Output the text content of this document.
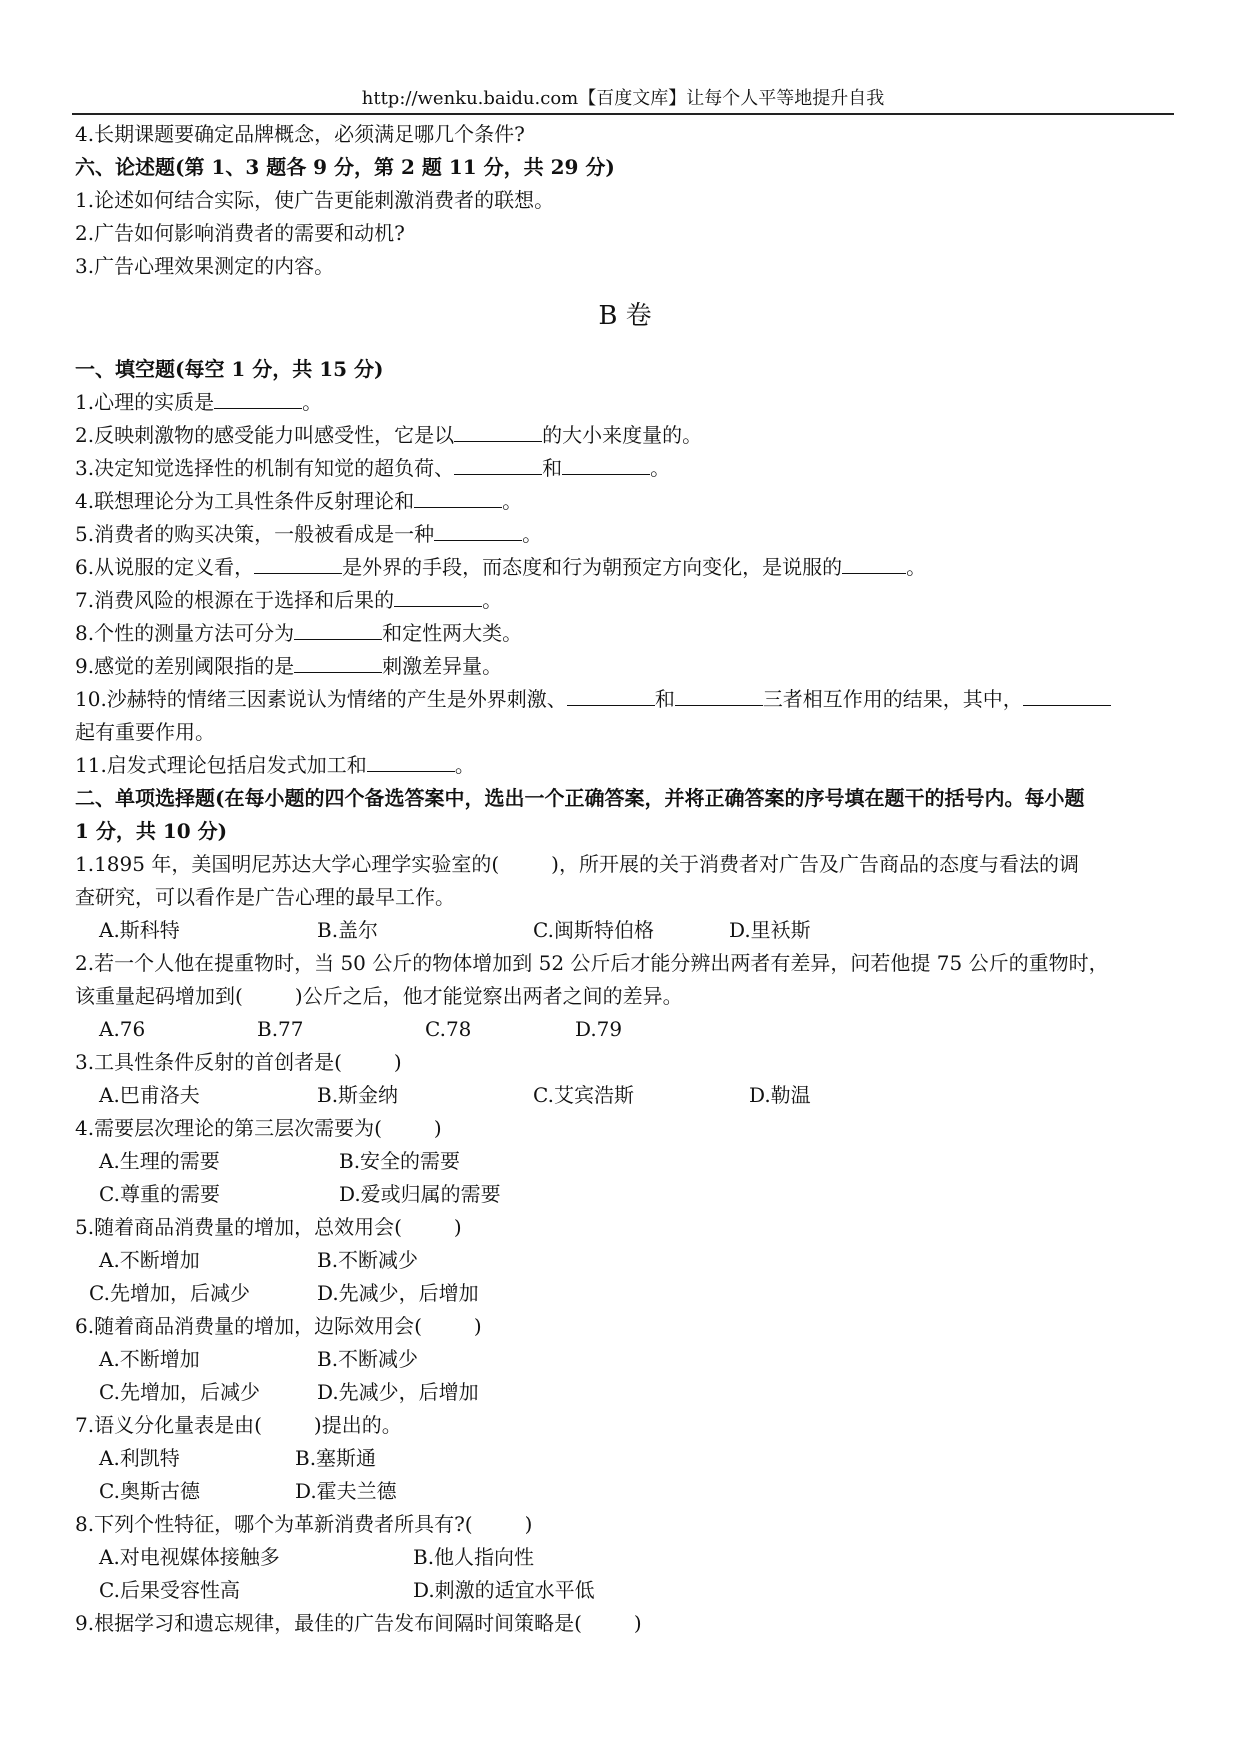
http://wenku.baidu.com【百度文库】让每个人平等地提升自我
4.长期课题要确定品牌概念，必须满足哪几个条件?
六、论述题(第 1、3 题各 9 分，第 2 题 11 分，共 29 分)
1.论述如何结合实际，使广告更能刺激消费者的联想。
2.广告如何影响消费者的需要和动机?
3.广告心理效果测定的内容。
B 卷
一、填空题(每空 1 分，共 15 分)
1.心理的实质是	。
2.反映刺激物的感受能力叫感受性，它是以	的大小来度量的。
3.决定知觉选择性的机制有知觉的超负荷、	和	。
4.联想理论分为工具性条件反射理论和	。
5.消费者的购买决策，一般被看成是一种	。
6.从说服的定义看，	是外界的手段，而态度和行为朝预定方向变化，是说服的	。
7.消费风险的根源在于选择和后果的	。
8.个性的测量方法可分为	和定性两大类。
9.感觉的差别阈限指的是	刺激差异量。
10.沙赫特的情绪三因素说认为情绪的产生是外界刺激、	和	三者相互作用的结果，其中，
起有重要作用。
11.启发式理论包括启发式加工和	。
二、单项选择题(在每小题的四个备选答案中，选出一个正确答案，并将正确答案的序号填在题干的括号内。每小题
1 分，共 10 分)
1.1895 年，美国明尼苏达大学心理学实验室的(	)，所开展的关于消费者对广告及广告商品的态度与看法的调
查研究，可以看作是广告心理的最早工作。
A.斯科特	B.盖尔	C.闽斯特伯格	D.里袄斯
2.若一个人他在提重物时，当 50 公斤的物体增加到 52 公斤后才能分辨出两者有差异，问若他提 75 公斤的重物时，
该重量起码增加到(	)公斤之后，他才能觉察出两者之间的差异。
A.76	B.77	C.78	D.79
3.工具性条件反射的首创者是(	)
A.巴甫洛夫	B.斯金纳	C.艾宾浩斯	D.勒温
4.需要层次理论的第三层次需要为(	)
A.生理的需要	B.安全的需要
C.尊重的需要	D.爱或归属的需要
5.随着商品消费量的增加，总效用会(	)
A.不断增加	B.不断减少
C.先增加，后减少	D.先减少，后增加
6.随着商品消费量的增加，边际效用会(	)
A.不断增加	B.不断减少
C.先增加，后减少	D.先减少，后增加
7.语义分化量表是由(	)提出的。
A.利凯特	B.塞斯通
C.奥斯古德	D.霍夫兰德
8.下列个性特征，哪个为革新消费者所具有?(	)
A.对电视媒体接触多	B.他人指向性
C.后果受容性高	D.刺激的适宜水平低
9.根据学习和遗忘规律，最佳的广告发布间隔时间策略是(	)
